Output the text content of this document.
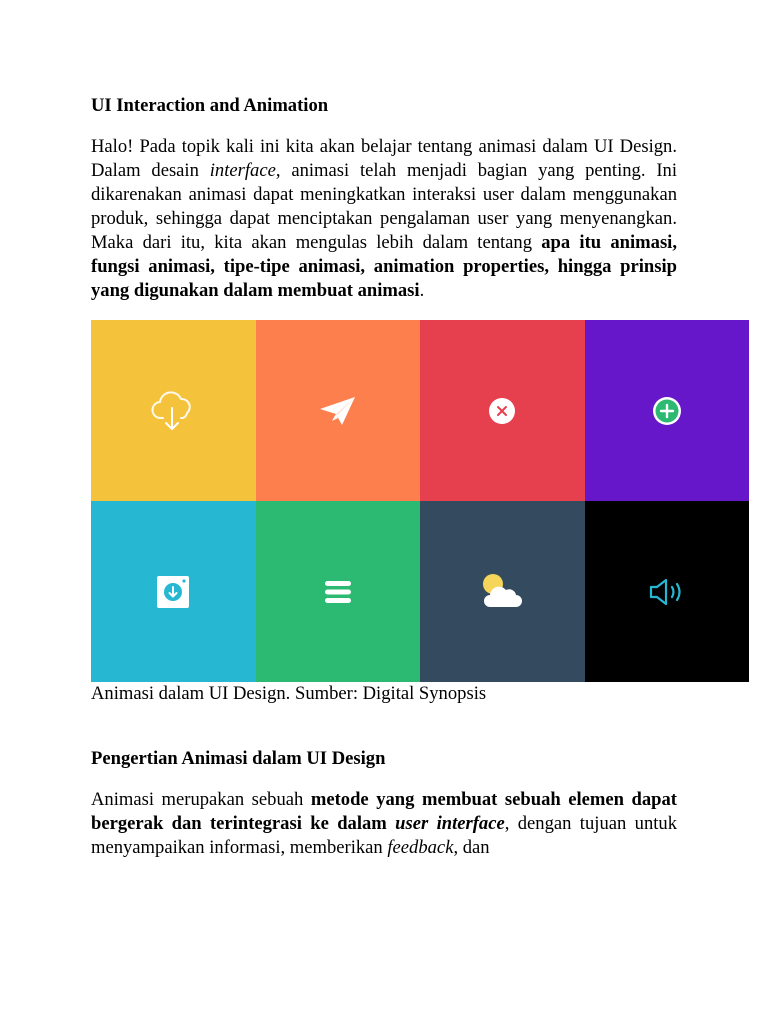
UI Interaction and Animation

Halo! Pada topik kali ini kita akan belajar tentang animasi dalam UI Design. Dalam desain interface, animasi telah menjadi bagian yang penting. Ini dikarenakan animasi dapat meningkatkan interaksi user dalam menggunakan produk, sehingga dapat menciptakan pengalaman user yang menyenangkan. Maka dari itu, kita akan mengulas lebih dalam tentang apa itu animasi, fungsi animasi, tipe-tipe animasi, animation properties, hingga prinsip yang digunakan dalam membuat animasi.

Animasi dalam UI Design. Sumber: Digital Synopsis

Pengertian Animasi dalam UI Design

Animasi merupakan sebuah metode yang membuat sebuah elemen dapat bergerak dan terintegrasi ke dalam user interface, dengan tujuan untuk menyampaikan informasi, memberikan feedback, dan
